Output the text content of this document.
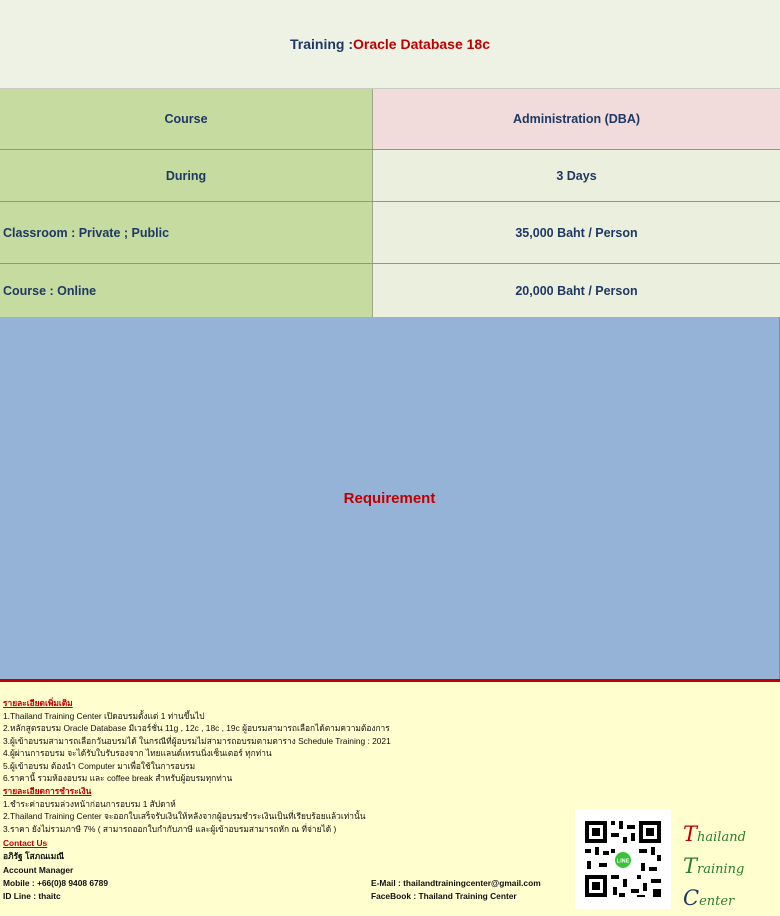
Training : Oracle Database 18c
Course	Administration (DBA)
During	3 Days
Classroom : Private ; Public	35,000 Baht / Person
Course : Online	20,000 Baht / Person
Requirement
รายละเอียดเพิ่มเติม
1.Thailand Training Center เปิดอบรมตั้งแต่ 1 ท่านขึ้นไป
2.หลักสูตรอบรม Oracle Database มีเวอร์ชั่น 11g , 12c , 18c , 19c ผู้อบรมสามารถเลือกได้ตามความต้องการ
3.ผู้เข้าอบรมสามารถเลือกวันอบรมได้ ในกรณีที่ผู้อบรมไม่สามารถอบรมตามตาราง Schedule Training : 2021
4.ผู้ผ่านการอบรม จะได้รับใบรับรองจาก ไทยแลนด์เทรนนิ่งเซ็นเตอร์ ทุกท่าน
5.ผู้เข้าอบรม ต้องนำ Computer มาเพื่อใช้ในการอบรม
6.ราคานี้ รวมห้องอบรม และ coffee break สำหรับผู้อบรมทุกท่าน
รายละเอียดการชำระเงิน
1.ชำระค่าอบรมล่วงหน้าก่อนการอบรม 1 สัปดาห์
2.Thailand Training Center จะออกใบเสร็จรับเงินให้หลังจากผู้อบรมชำระเงินเป็นที่เรียบร้อยแล้วเท่านั้น
3.ราคา ยังไม่รวมภาษี 7% ( สามารถออกใบกำกับภาษี และผู้เข้าอบรมสามารถหัก ณ ที่จ่ายได้ )
Contact Us
อภิรัฐ โสภณเมณี
Account Manager
Mobile : +66(0)8 9408 6789
ID Line : thaitc
E-Mail : thailandtrainingcenter@gmail.com
FaceBook : Thailand Training Center
LINE
Thailand
Training
Center
